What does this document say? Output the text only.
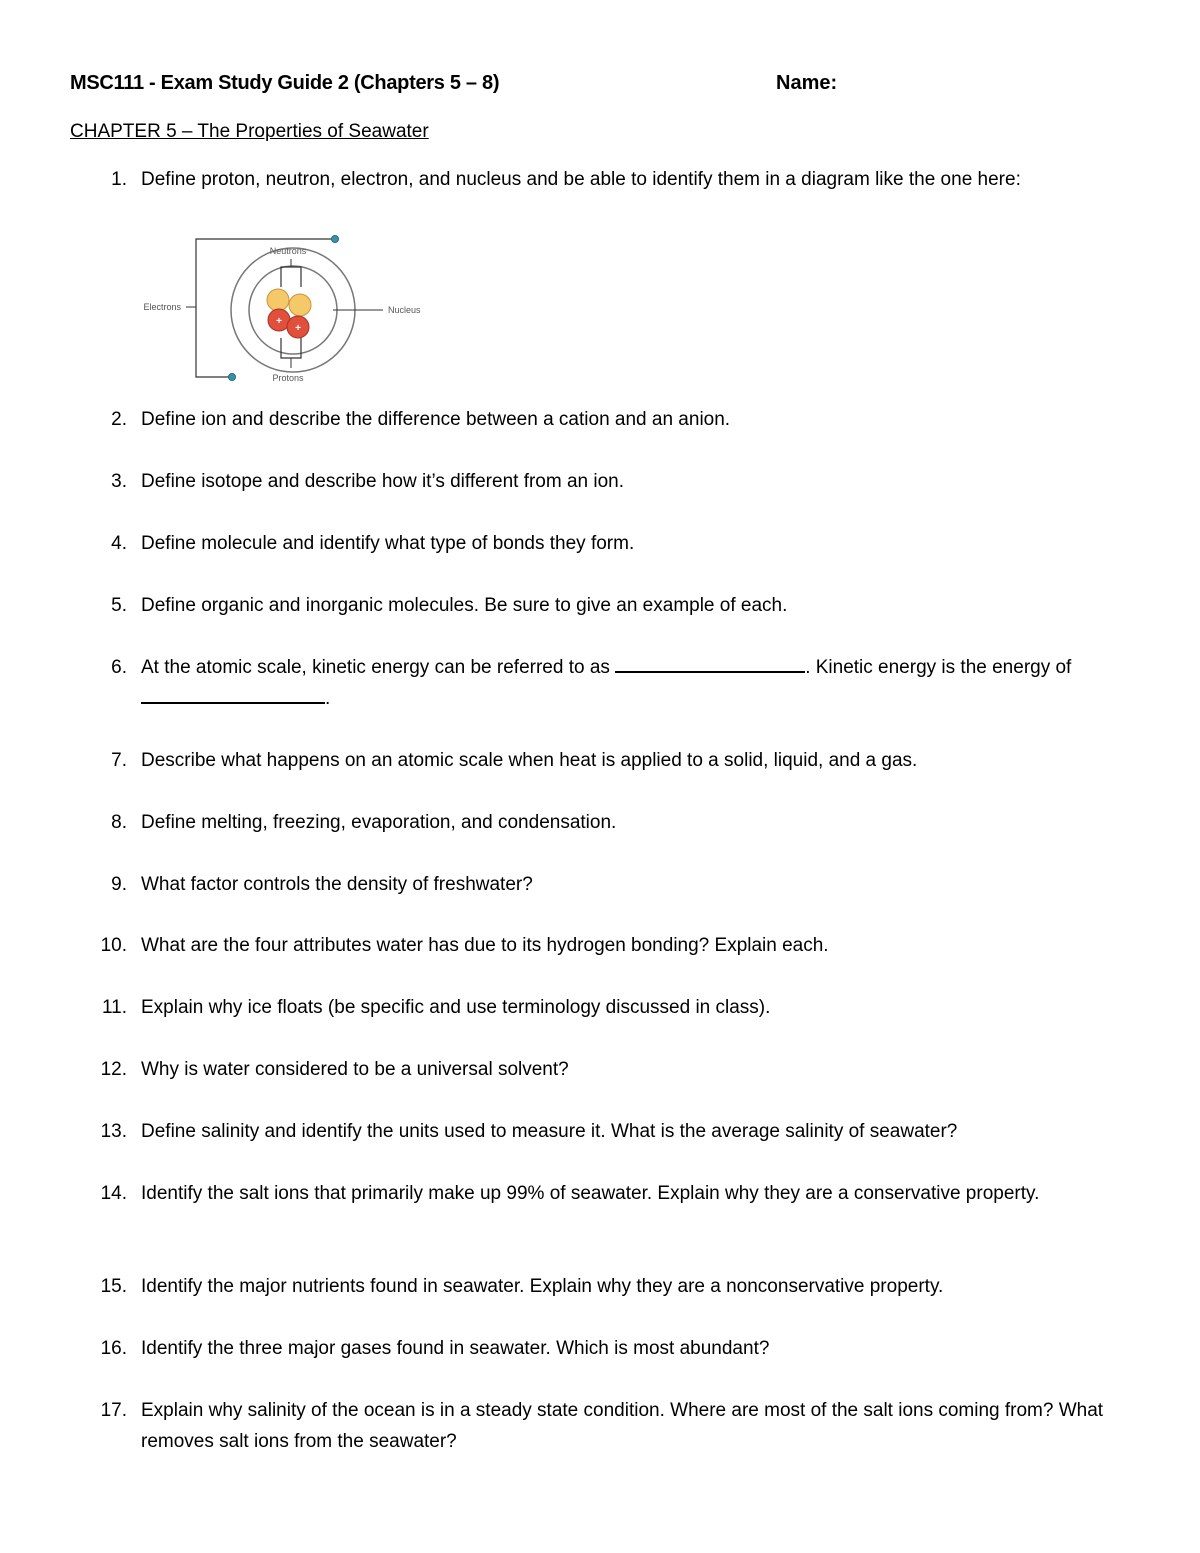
MSC111 - Exam Study Guide 2 (Chapters 5 – 8)	Name:
CHAPTER 5 – The Properties of Seawater
1. Define proton, neutron, electron, and nucleus and be able to identify them in a diagram like the one here:
+
+
Neutrons
Electrons	Nucleus
Protons
2. Define ion and describe the difference between a cation and an anion.
3. Define isotope and describe how it’s different from an ion.
4. Define molecule and identify what type of bonds they form.
5. Define organic and inorganic molecules. Be sure to give an example of each.
6. At the atomic scale, kinetic energy can be referred to as	. Kinetic energy is the energy of .
7. Describe what happens on an atomic scale when heat is applied to a solid, liquid, and a gas.
8. Define melting, freezing, evaporation, and condensation.
9. What factor controls the density of freshwater?
10. What are the four attributes water has due to its hydrogen bonding? Explain each.
11. Explain why ice floats (be specific and use terminology discussed in class).
12. Why is water considered to be a universal solvent?
13. Define salinity and identify the units used to measure it. What is the average salinity of seawater?
14. Identify the salt ions that primarily make up 99% of seawater. Explain why they are a conservative property.
15. Identify the major nutrients found in seawater. Explain why they are a nonconservative property.
16. Identify the three major gases found in seawater. Which is most abundant?
17. Explain why salinity of the ocean is in a steady state condition. Where are most of the salt ions coming from? What removes salt ions from the seawater?
